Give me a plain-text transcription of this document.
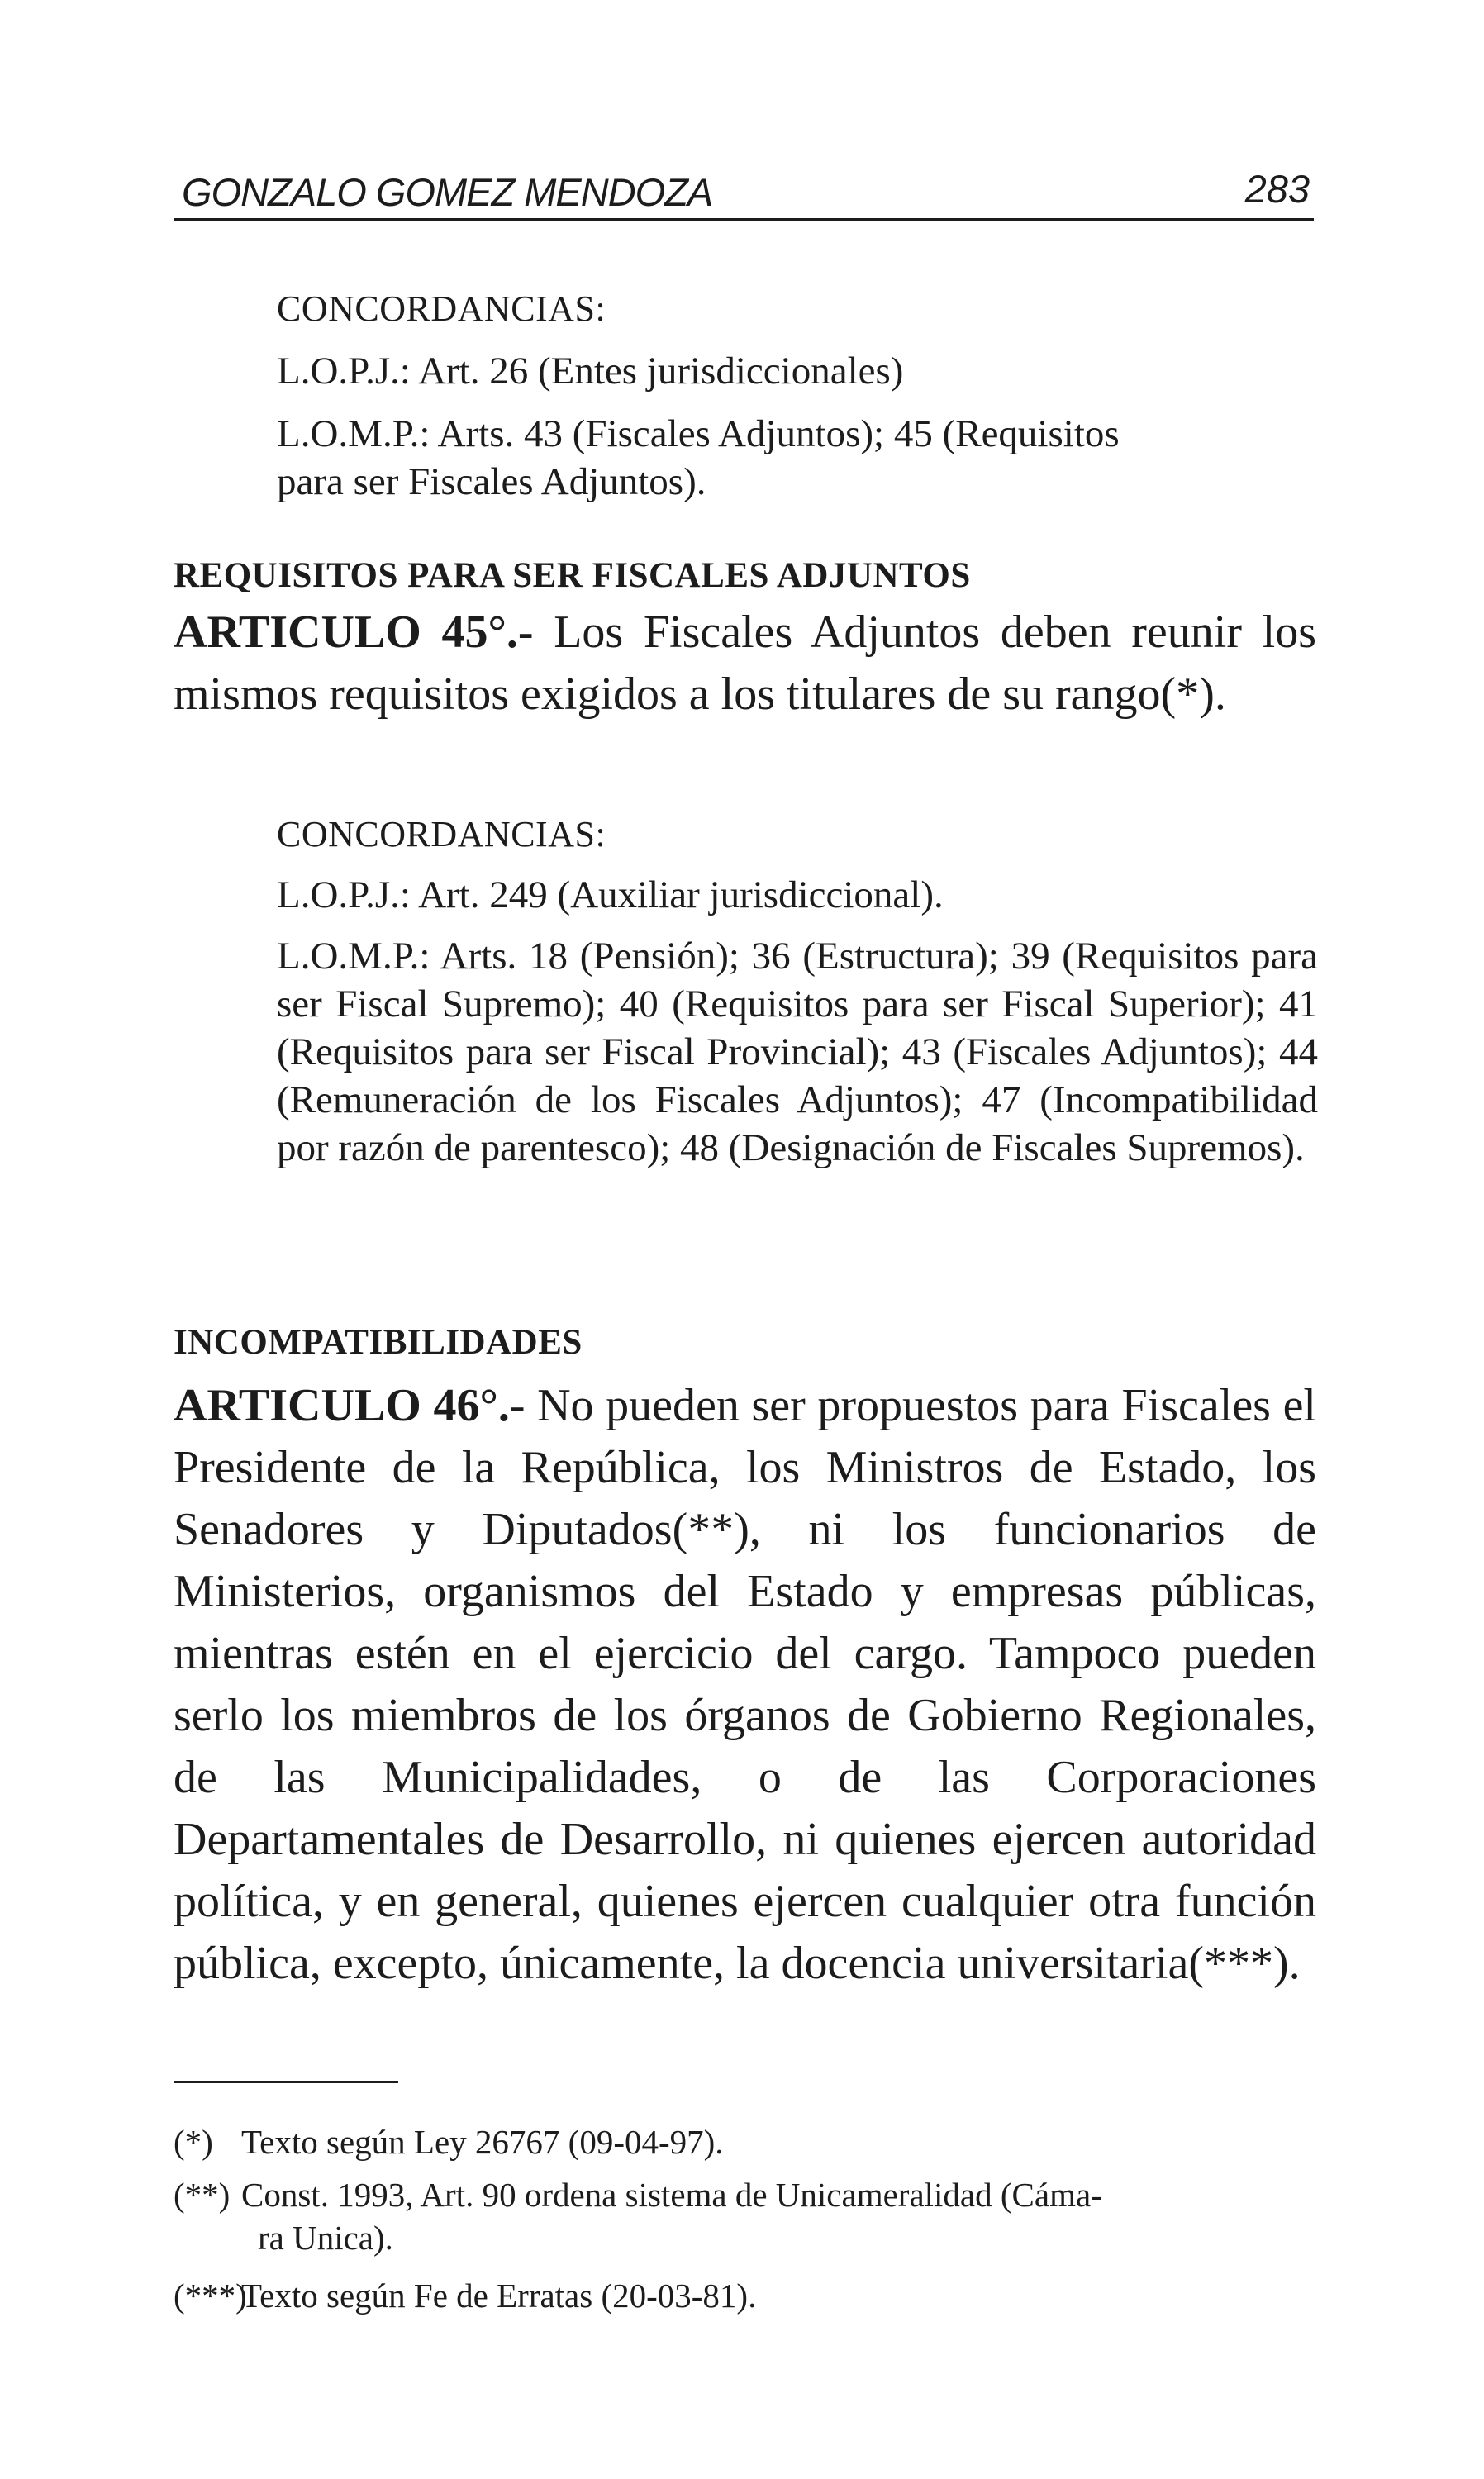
GONZALO GOMEZ MENDOZA	283
CONCORDANCIAS:
L.O.P.J.: Art. 26 (Entes jurisdiccionales)
L.O.M.P.: Arts. 43 (Fiscales Adjuntos); 45 (Requisitos
para ser Fiscales Adjuntos).
REQUISITOS PARA SER FISCALES ADJUNTOS
ARTICULO 45°.- Los Fiscales Adjuntos deben reunir los mismos requisitos exigidos a los titulares de su rango(*).
CONCORDANCIAS:
L.O.P.J.: Art. 249 (Auxiliar jurisdiccional).
L.O.M.P.: Arts. 18 (Pensión); 36 (Estructura); 39 (Requisitos para ser Fiscal Supremo); 40 (Requisitos para ser Fiscal Superior); 41 (Requisitos para ser Fiscal Provincial); 43 (Fiscales Adjuntos); 44 (Remuneración de los Fiscales Adjuntos); 47 (Incompatibilidad por razón de parentesco); 48 (Designación de Fiscales Supremos).
INCOMPATIBILIDADES
ARTICULO 46°.- No pueden ser propuestos para Fiscales el Presidente de la República, los Ministros de Estado, los Senadores y Diputados(**), ni los funcionarios de Ministerios, organismos del Estado y empresas públicas, mientras estén en el ejercicio del cargo. Tampoco pueden serlo los miembros de los órganos de Gobierno Regionales, de las Municipalidades, o de las Corporaciones Departamentales de Desarrollo, ni quienes ejercen autoridad política, y en general, quienes ejercen cualquier otra función pública, excepto, únicamente, la docencia universitaria(***).
(*) Texto según Ley 26767 (09-04-97).
(**) Const. 1993, Art. 90 ordena sistema de Unicameralidad (Cáma-
ra Unica).
(***)Texto según Fe de Erratas (20-03-81).
